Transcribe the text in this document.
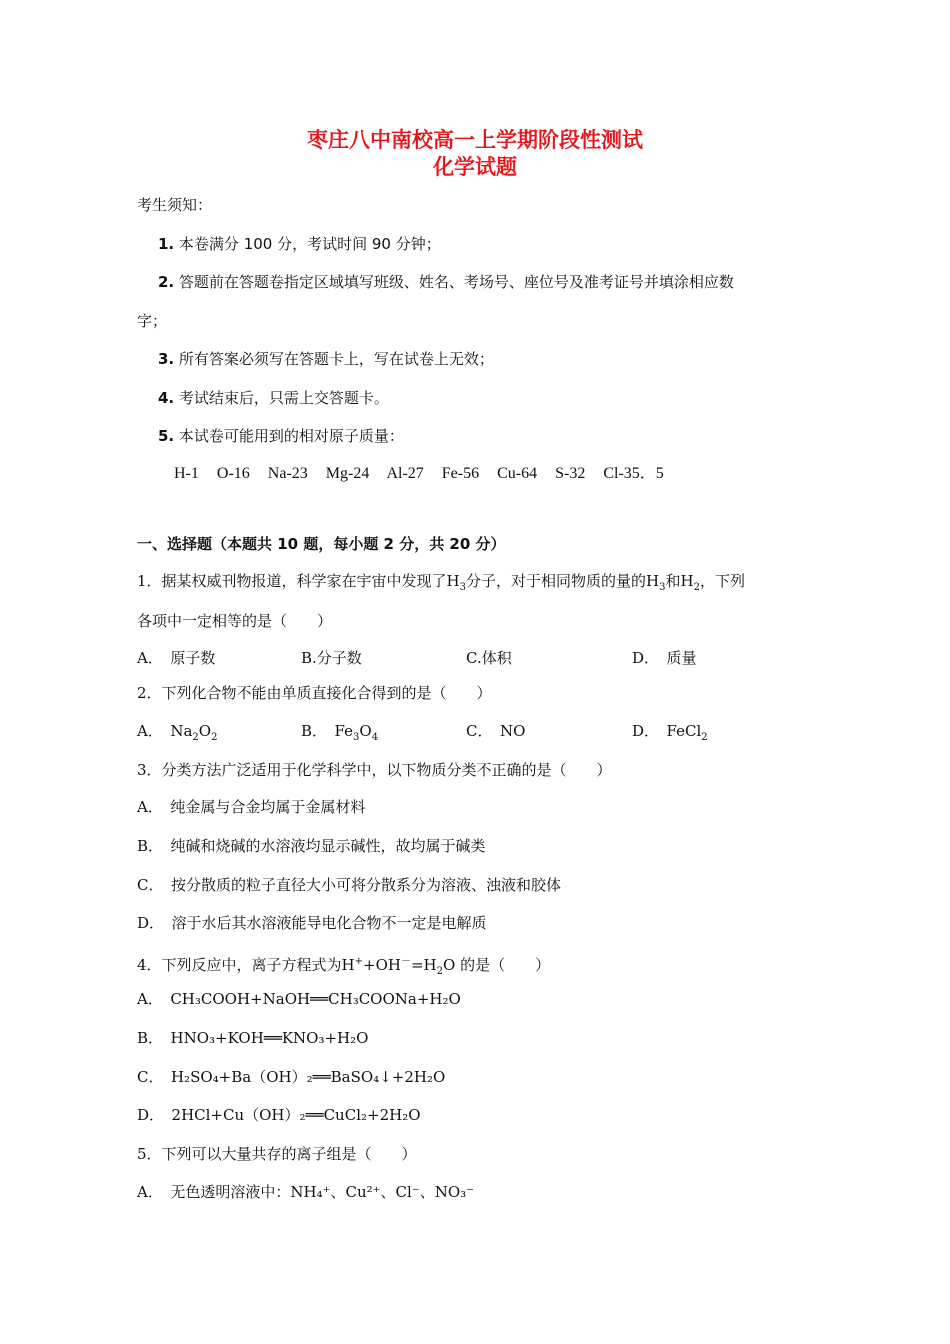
枣庄八中南校高一上学期阶段性测试
化学试题
考生须知：
1. 本卷满分 100 分，考试时间 90 分钟；
2. 答题前在答题卷指定区域填写班级、姓名、考场号、座位号及准考证号并填涂相应数
字；
3. 所有答案必须写在答题卡上，写在试卷上无效；
4. 考试结束后，只需上交答题卡。
5. 本试卷可能用到的相对原子质量：
H-1 O-16 Na-23 Mg-24 Al-27 Fe-56 Cu-64 S-32 Cl-35．5
一、选择题（本题共 10 题，每小题 2 分，共 20 分）
1．据某权威刊物报道，科学家在宇宙中发现了$H_3$分子，对于相同物质的量的$H_3$和$H_2$，下列
各项中一定相等的是（　　）
A．　原子数	B.分子数	C.体积	D．　质量
2．下列化合物不能由单质直接化合得到的是（　　）
A．　$Na_2O_2$	B．　$Fe_3O_4$	C．　NO	D．　FeCl$_2$
3．分类方法广泛适用于化学科学中，以下物质分类不正确的是（　　）
A．　纯金属与合金均属于金属材料
B．　纯碱和烧碱的水溶液均显示碱性，故均属于碱类
C．　按分散质的粒子直径大小可将分散系分为溶液、浊液和胶体
D．　溶于水后其水溶液能导电化合物不一定是电解质
4．下列反应中，离子方程式为$H^++OH^-=H_2O$ 的是（　　）
A．　CH₃COOH+NaOH══CH₃COONa+H₂O
B．　HNO₃+KOH══KNO₃+H₂O
C．　H₂SO₄+Ba（OH）₂══BaSO₄↓+2H₂O
D．　2HCl+Cu（OH）₂══CuCl₂+2H₂O
5．下列可以大量共存的离子组是（　　）
A．　无色透明溶液中：NH₄⁺、Cu²⁺、Cl⁻、NO₃⁻
